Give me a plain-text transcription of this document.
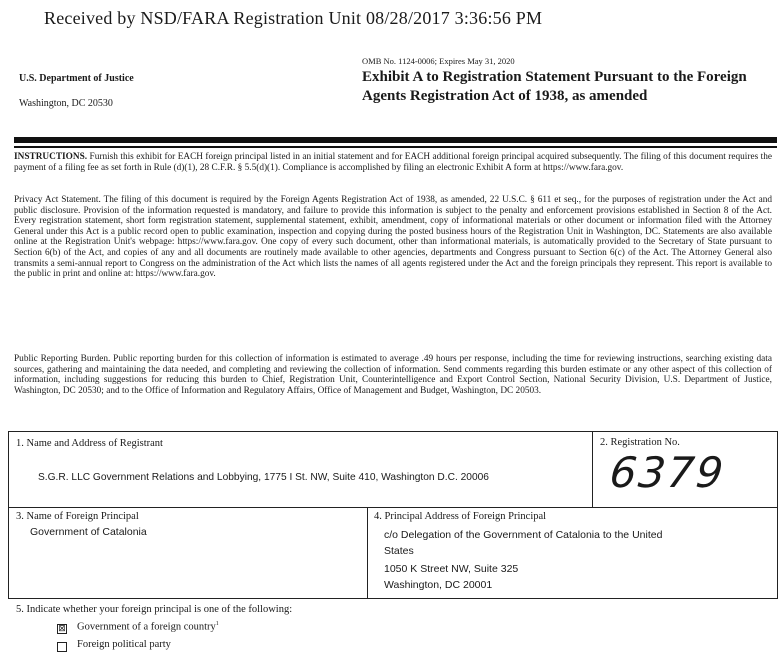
Received by NSD/FARA Registration Unit 08/28/2017 3:36:56 PM
U.S. Department of Justice
Washington, DC 20530
OMB No. 1124-0006; Expires May 31, 2020
Exhibit A to Registration Statement Pursuant to the Foreign Agents Registration Act of 1938, as amended
INSTRUCTIONS. Furnish this exhibit for EACH foreign principal listed in an initial statement and for EACH additional foreign principal acquired subsequently. The filing of this document requires the payment of a filing fee as set forth in Rule (d)(1), 28 C.F.R. § 5.5(d)(1). Compliance is accomplished by filing an electronic Exhibit A form at https://www.fara.gov.
Privacy Act Statement. The filing of this document is required by the Foreign Agents Registration Act of 1938, as amended, 22 U.S.C. § 611 et seq., for the purposes of registration under the Act and public disclosure. Provision of the information requested is mandatory, and failure to provide this information is subject to the penalty and enforcement provisions established in Section 8 of the Act. Every registration statement, short form registration statement, supplemental statement, exhibit, amendment, copy of informational materials or other document or information filed with the Attorney General under this Act is a public record open to public examination, inspection and copying during the posted business hours of the Registration Unit in Washington, DC. Statements are also available online at the Registration Unit's webpage: https://www.fara.gov. One copy of every such document, other than informational materials, is automatically provided to the Secretary of State pursuant to Section 6(b) of the Act, and copies of any and all documents are routinely made available to other agencies, departments and Congress pursuant to Section 6(c) of the Act. The Attorney General also transmits a semi-annual report to Congress on the administration of the Act which lists the names of all agents registered under the Act and the foreign principals they represent. This report is available to the public in print and online at: https://www.fara.gov.
Public Reporting Burden. Public reporting burden for this collection of information is estimated to average .49 hours per response, including the time for reviewing instructions, searching existing data sources, gathering and maintaining the data needed, and completing and reviewing the collection of information. Send comments regarding this burden estimate or any other aspect of this collection of information, including suggestions for reducing this burden to Chief, Registration Unit, Counterintelligence and Export Control Section, National Security Division, U.S. Department of Justice, Washington, DC 20530; and to the Office of Information and Regulatory Affairs, Office of Management and Budget, Washington, DC 20503.
1. Name and Address of Registrant
S.G.R. LLC Government Relations and Lobbying, 1775 I St. NW, Suite 410, Washington D.C. 20006
2. Registration No.
6379
3. Name of Foreign Principal
Government of Catalonia
4. Principal Address of Foreign Principal
c/o Delegation of the Government of Catalonia to the United
States
1050 K Street NW, Suite 325
Washington, DC 20001
5. Indicate whether your foreign principal is one of the following:
⊠ Government of a foreign country$^1$
Foreign political party
